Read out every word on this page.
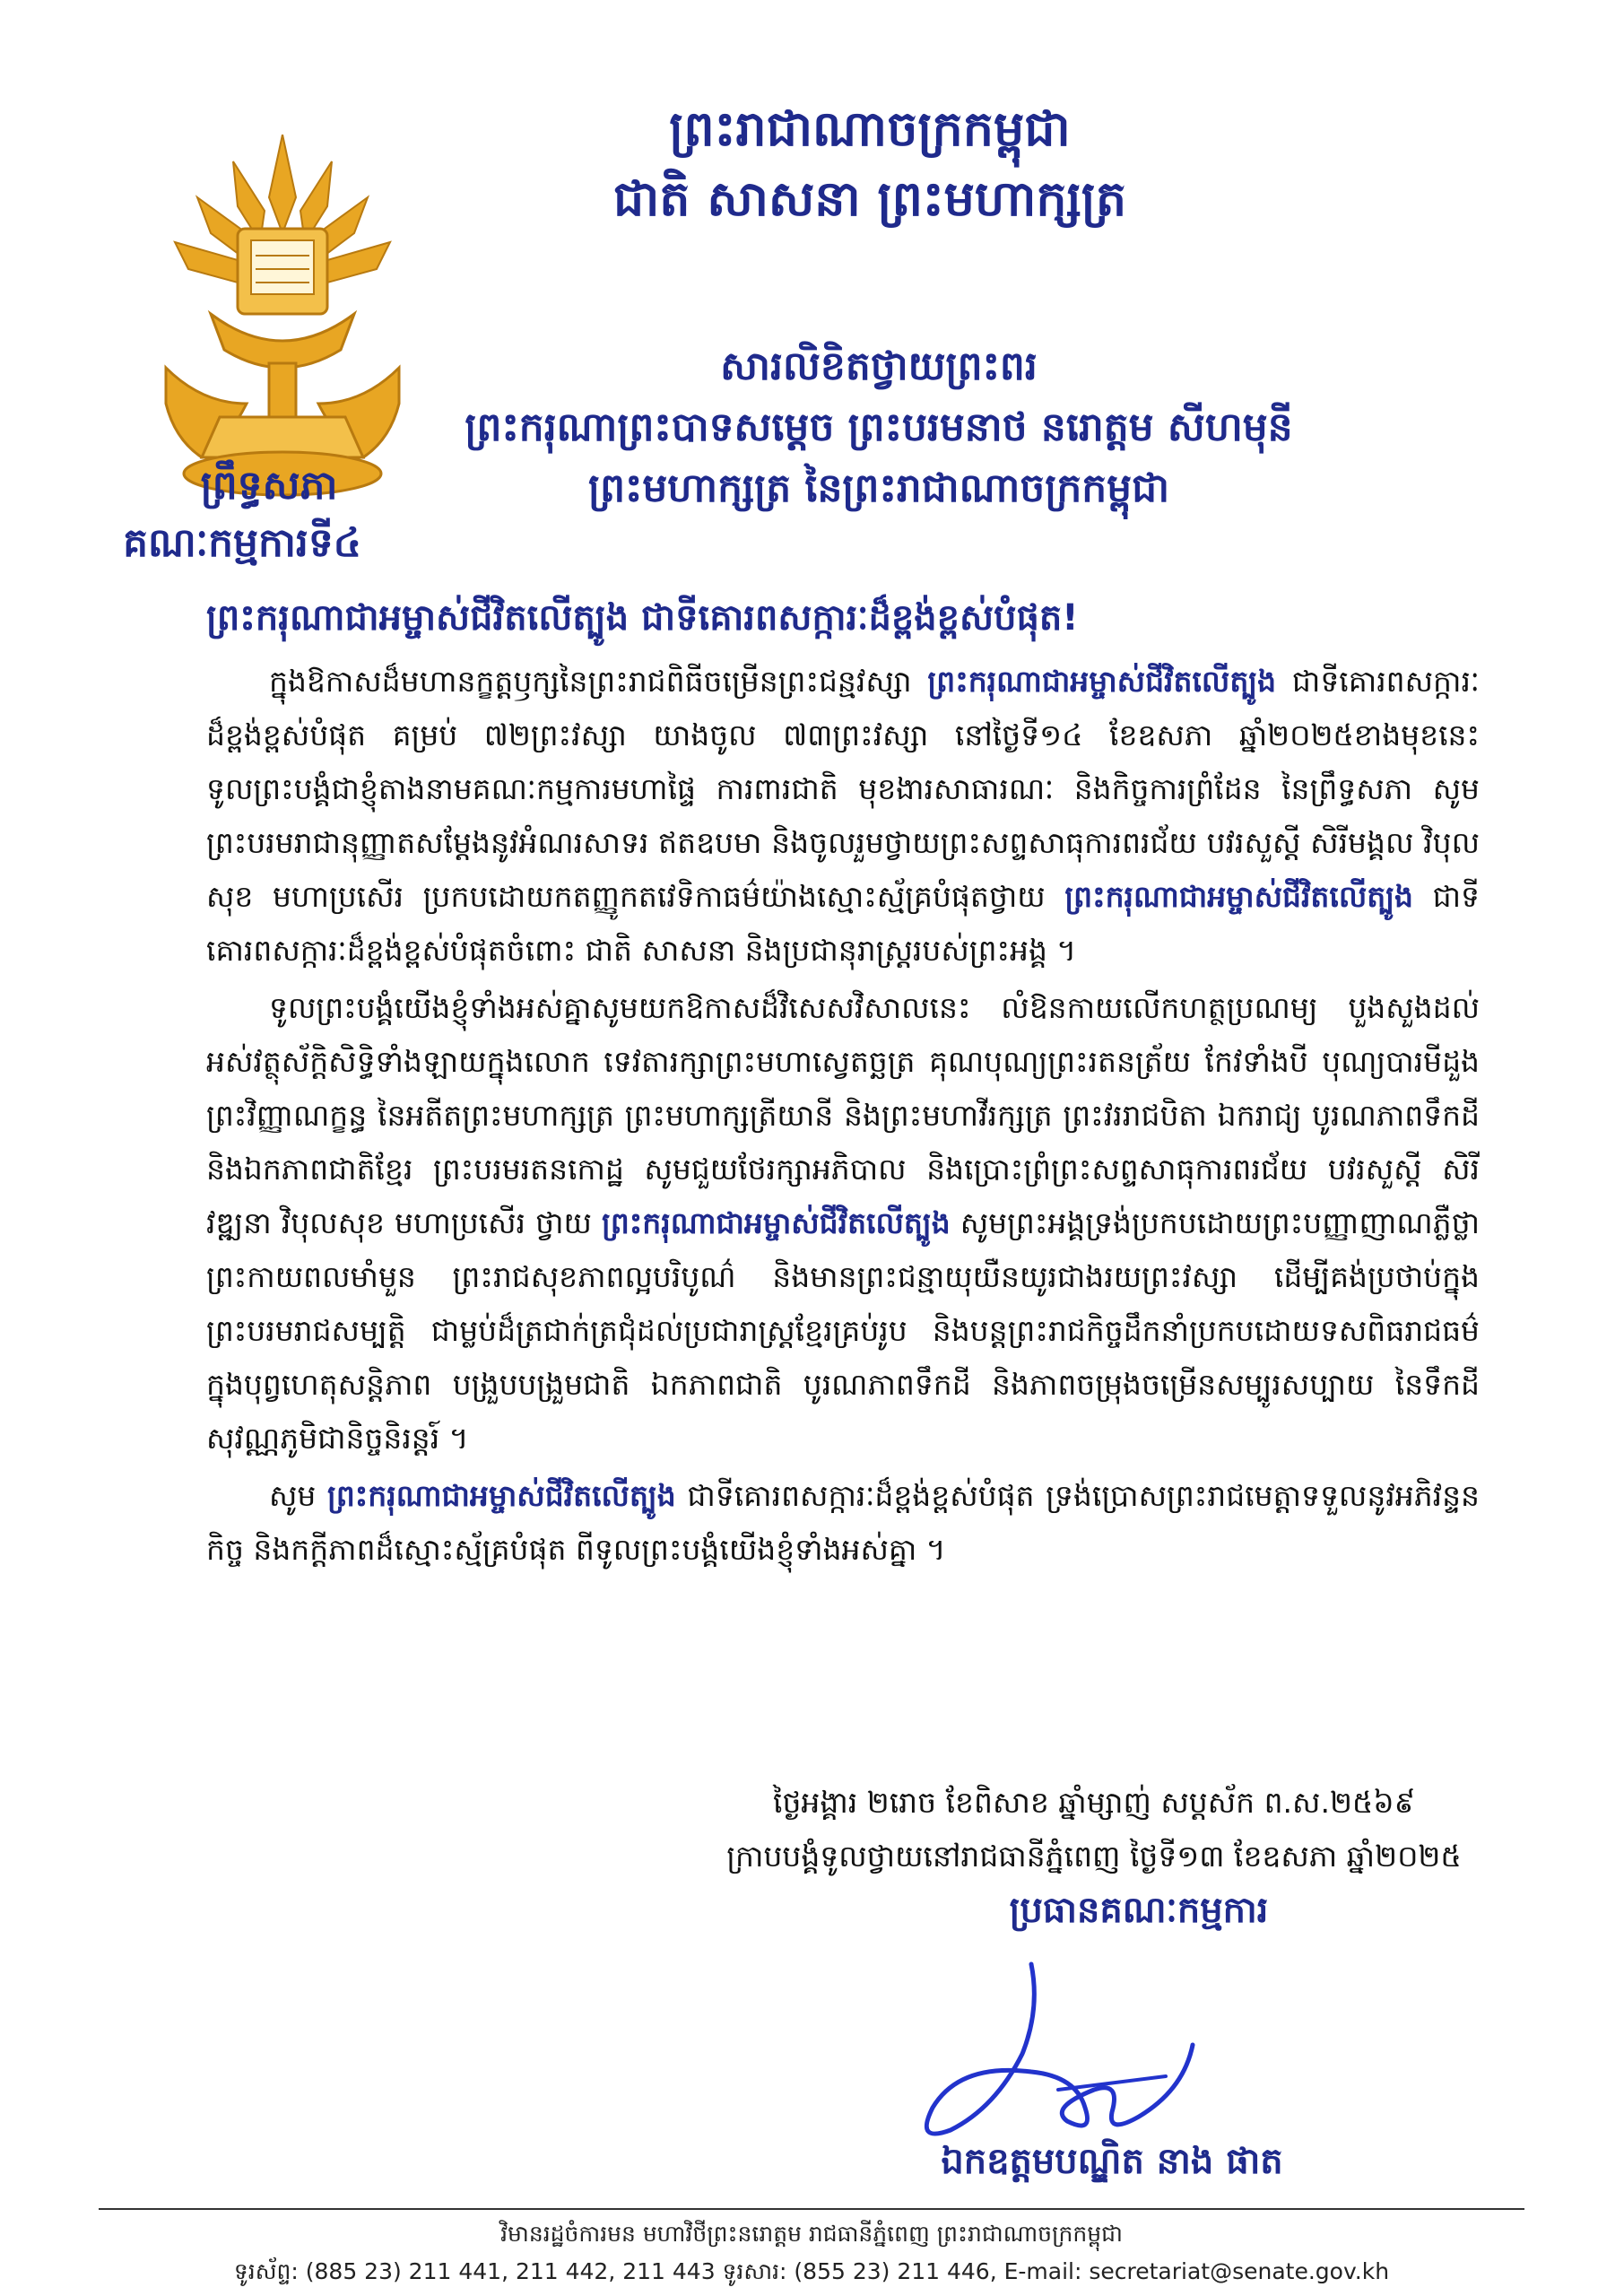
ព្រះរាជាណាចក្រកម្ពុជា
ជាតិ សាសនា ព្រះមហាក្សត្រ
សារលិខិតថ្វាយព្រះពរ
ព្រះករុណាព្រះបាទសម្តេច ព្រះបរមនាថ នរោត្តម សីហមុនី
ព្រះមហាក្សត្រ នៃព្រះរាជាណាចក្រកម្ពុជា
ព្រឹទ្ធសភា
គណៈកម្មការទី៤
ព្រះករុណាជាអម្ចាស់ជីវិតលើត្បូង ជាទីគោរពសក្ការៈដ៏ខ្ពង់ខ្ពស់បំផុត!

ក្នុងឱកាសដ៏មហានក្ខត្តឫក្សនៃព្រះរាជពិធីចម្រើនព្រះជន្មវស្សា ព្រះករុណាជាអម្ចាស់ជីវិតលើត្បូង ជាទីគោរពសក្ការៈដ៏ខ្ពង់ខ្ពស់បំផុត គម្រប់ ៧២ព្រះវស្សា យាងចូល ៧៣ព្រះវស្សា នៅថ្ងៃទី១៤ ខែឧសភា ឆ្នាំ២០២៥ខាងមុខនេះ ទូលព្រះបង្គំជាខ្ញុំតាងនាមគណៈកម្មការមហាផ្ទៃ ការពារជាតិ មុខងារសាធារណៈ និងកិច្ចការព្រំដែន នៃព្រឹទ្ធសភា សូមព្រះបរមរាជានុញ្ញាតសម្តែងនូវអំណរសាទរ ឥតឧបមា និងចូលរួមថ្វាយព្រះសព្ទសាធុការពរជ័យ បវរសួស្តី សិរីមង្គល វិបុលសុខ មហាប្រសើរ ប្រកបដោយកតញ្ញូកតវេទិកាធម៌យ៉ាងស្មោះស្ម័គ្របំផុតថ្វាយ ព្រះករុណាជាអម្ចាស់ជីវិតលើត្បូង ជាទីគោរពសក្ការៈដ៏ខ្ពង់ខ្ពស់បំផុតចំពោះ ជាតិ សាសនា និងប្រជានុរាស្ត្ររបស់ព្រះអង្គ ។

ទូលព្រះបង្គំយើងខ្ញុំទាំងអស់គ្នាសូមយកឱកាសដ៏វិសេសវិសាលនេះ លំឱនកាយលើកហត្ថប្រណម្យ បួងសួងដល់អស់វត្ថុស័ក្តិសិទ្ធិទាំងឡាយក្នុងលោក ទេវតារក្សាព្រះមហាស្វេតច្ឆត្រ គុណបុណ្យព្រះរតនត្រ័យ កែវទាំងបី បុណ្យបារមីដួងព្រះវិញ្ញាណក្ខន្ធ នៃអតីតព្រះមហាក្សត្រ ព្រះមហាក្សត្រីយានី និងព្រះមហាវីរក្សត្រ ព្រះវររាជបិតា ឯករាជ្យ បូរណភាពទឹកដី និងឯកភាពជាតិខ្មែរ ព្រះបរមរតនកោដ្ឋ សូមជួយថែរក្សាអភិបាល និងប្រោះព្រំព្រះសព្ទសាធុការពរជ័យ បវរសួស្តី សិរីវឌ្ឍនា វិបុលសុខ មហាប្រសើរ ថ្វាយ ព្រះករុណាជាអម្ចាស់ជីវិតលើត្បូង សូមព្រះអង្គទ្រង់ប្រកបដោយព្រះបញ្ញាញាណភ្លឺថ្លា ព្រះកាយពលមាំមួន ព្រះរាជសុខភាពល្អបរិបូណ៌ និងមានព្រះជន្មាយុយឺនយូរជាងរយព្រះវស្សា ដើម្បីគង់ប្រថាប់ក្នុងព្រះបរមរាជសម្បត្តិ ជាម្លប់ដ៏ត្រជាក់ត្រជុំដល់ប្រជារាស្ត្រខ្មែរគ្រប់រូប និងបន្តព្រះរាជកិច្ចដឹកនាំប្រកបដោយទសពិធរាជធម៌ក្នុងបុព្វហេតុសន្តិភាព បង្រួបបង្រួមជាតិ ឯកភាពជាតិ បូរណភាពទឹកដី និងភាពចម្រុងចម្រើនសម្បូរសប្បាយ នៃទឹកដីសុវណ្ណភូមិជានិច្ចនិរន្តរ៍ ។

សូម ព្រះករុណាជាអម្ចាស់ជីវិតលើត្បូង ជាទីគោរពសក្ការៈដ៏ខ្ពង់ខ្ពស់បំផុត ទ្រង់ប្រោសព្រះរាជមេត្តាទទួលនូវអភិវន្ទនកិច្ច និងកក្តីភាពដ៏ស្មោះស្ម័គ្របំផុត ពីទូលព្រះបង្គំយើងខ្ញុំទាំងអស់គ្នា ។

ថ្ងៃអង្គារ ២រោច ខែពិសាខ ឆ្នាំម្សាញ់ សប្តស័ក ព.ស.២៥៦៩
ក្រាបបង្គំទូលថ្វាយនៅរាជធានីភ្នំពេញ ថ្ងៃទី១៣ ខែឧសភា ឆ្នាំ២០២៥
ប្រធានគណៈកម្មការ
ឯកឧត្តមបណ្ឌិត នាង ផាត
វិមានរដ្ឋចំការមន មហាវិថីព្រះនរោត្តម រាជធានីភ្នំពេញ ព្រះរាជាណាចក្រកម្ពុជា
ទូរស័ព្ទ: (885 23) 211 441, 211 442, 211 443 ទូរសារ: (855 23) 211 446, E-mail: secretariat@senate.gov.kh
